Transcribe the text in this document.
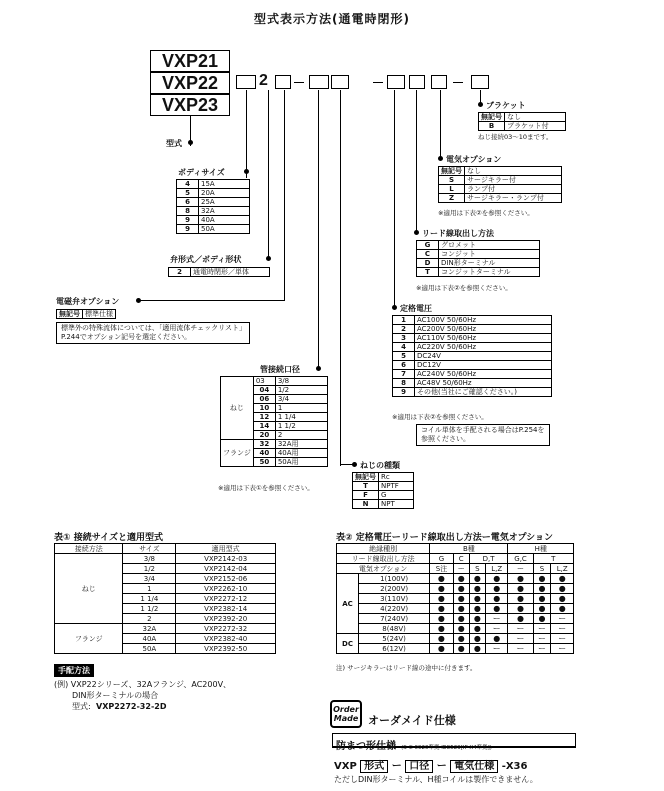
型式表示方法(通電時閉形)
VXP21
VXP22
VXP23
2
型式
ボディサイズ
4	15A
5	20A
6	25A
8	32A
9	40A
9	50A
弁形式／ボディ形状
2	通電時閉形／単体
電磁弁オプション
無記号	標準仕様
標準外の特殊流体については、「適用流体チェックリスト」P.244でオプション記号を選定ください。
ブラケット
無記号	なし
B	ブラケット付
ねじ接続03〜10まです。
電気オプション
無記号	なし
S	サージキラー付
L	ランプ付
Z	サージキラー・ランプ付
※適用は下表②を参照ください。
リード線取出し方法
G	グロメット
C	コンジット
D	DIN形ターミナル
T	コンジットターミナル
※適用は下表②を参照ください。
定格電圧
1	AC100V 50/60Hz
2	AC200V 50/60Hz
3	AC110V 50/60Hz
4	AC220V 50/60Hz
5	DC24V
6	DC12V
7	AC240V 50/60Hz
8	AC48V 50/60Hz
9	その他(当社にご確認ください。)
※適用は下表②を参照ください。
コイル単体を手配される場合はP.254を参照ください。
管接続口径
ねじ	03	3/8
	04	1/2
	06	3/4
	10	1
	12	1 1/4
	14	1 1/2
	20	2
フランジ	32	32A用
	40	40A用
	50	50A用
※適用は下表①を参照ください。
ねじの種類
無記号	Rc
T	NPTF
F	G
N	NPT
表① 接続サイズと適用型式
接続方法	サイズ	適用型式
ねじ	3/8	VXP2142-03
	1/2	VXP2142-04
	3/4	VXP2152-06
	1	VXP2262-10
	1 1/4	VXP2272-12
	1 1/2	VXP2382-14
	2	VXP2392-20
フランジ	32A	VXP2272-32
	40A	VXP2382-40
	50A	VXP2392-50
手配方法
(例) VXP22シリーズ、32Aフランジ、AC200V、
DIN形ターミナルの場合
型式: VXP2272-32-2D
表② 定格電圧ーリード線取出し方法ー電気オプション
絶縁種別		B種				H種		
リード線取出し方法		G	C	D,T		G,C	T	
電気オプション		S注	ー	S	L,Z	ー	S	L,Z
AC	1(100V)	●	●	●	●	●	●	●
	2(200V)	●	●	●	●	●	●	●
	3(110V)	●	●	●	●	●	●	●
	4(220V)	●	●	●	●	●	●	●
	7(240V)	●	●	●	ー	●	●	ー
	8(48V)	●	●	●	ー	ー	ー	ー
DC	5(24V)	●	●	●	●	ー	ー	ー
	6(12V)	●	●	●	ー	ー	ー	ー
注) サージキラーはリード線の途中に付きます。
Order Made オーダメイド仕様
防まつ形仕様 (S-C-0920準拠 IEC529[IP-X4準拠])
VXP 形式 ー 口径 ー 電気仕様 -X36
ただしDIN形ターミナル、H種コイルは製作できません。
